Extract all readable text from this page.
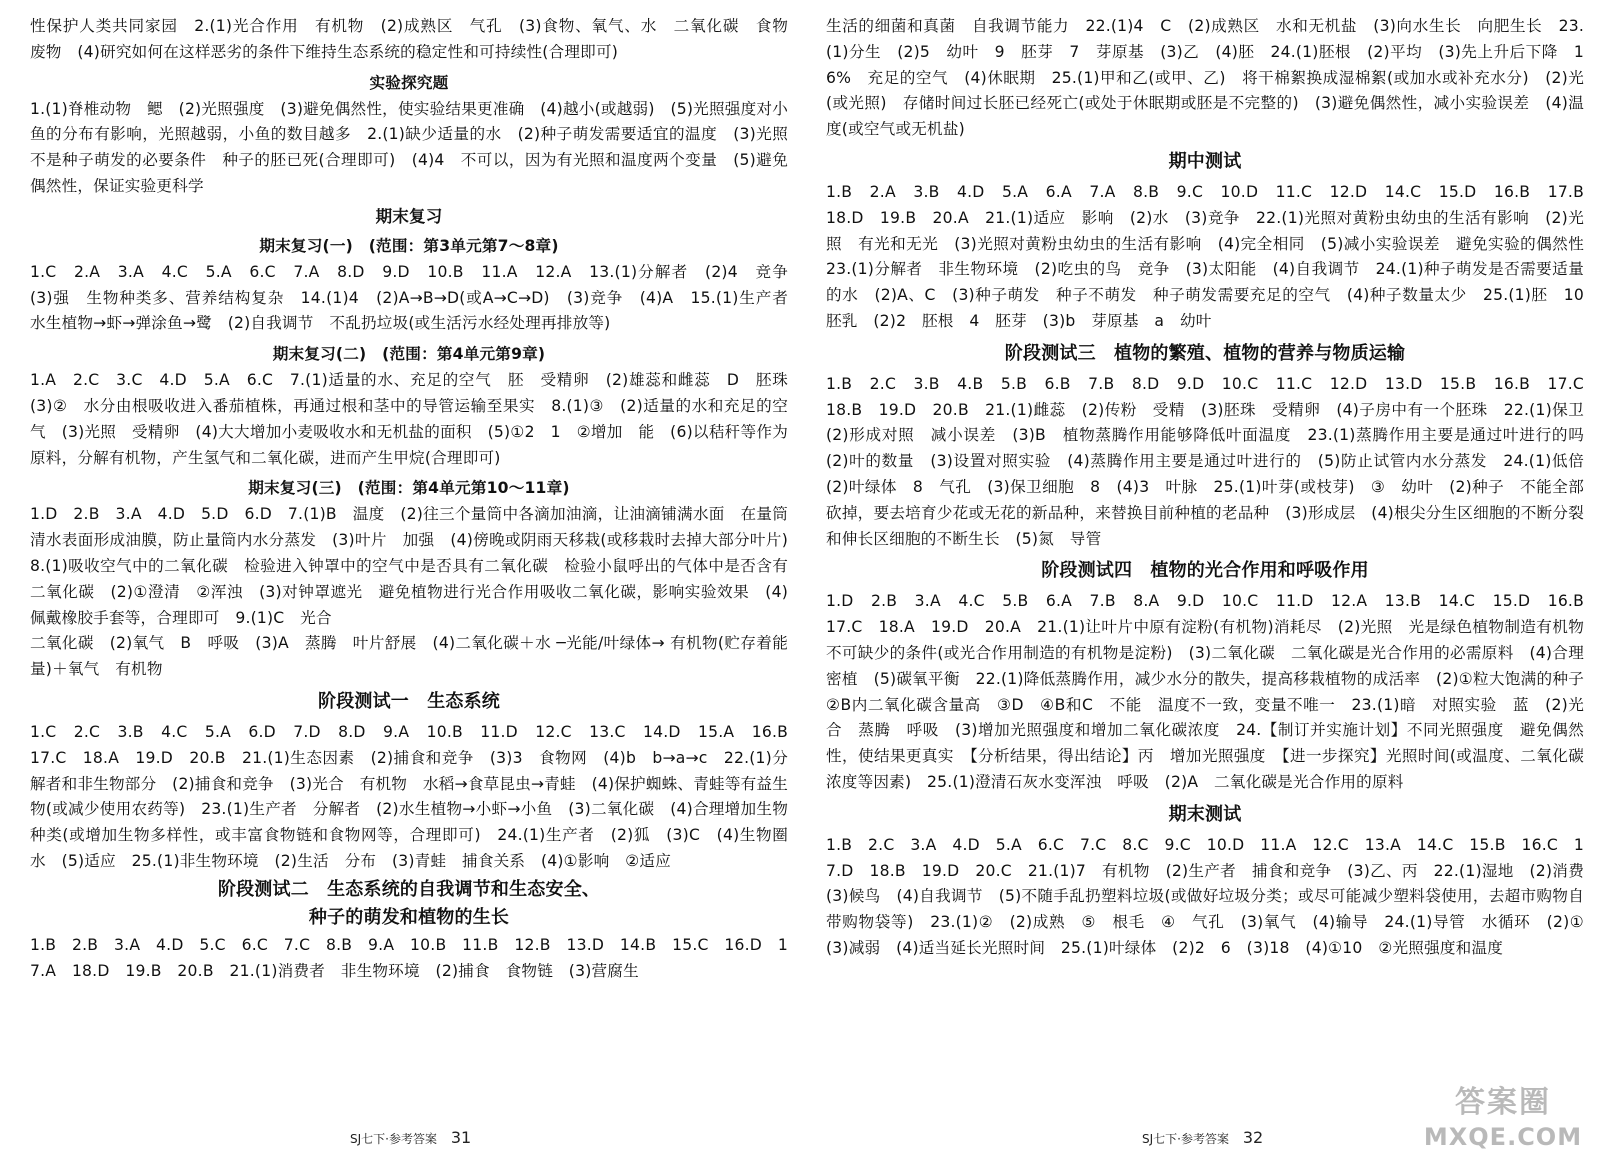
性保护人类共同家园　2.(1)光合作用　有机物　(2)成熟区　气孔　(3)食物、氧气、水　二氧化碳　食物　废物　(4)研究如何在这样恶劣的条件下维持生态系统的稳定性和可持续性(合理即可)

实验探究题

1.(1)脊椎动物　鳃　(2)光照强度　(3)避免偶然性，使实验结果更准确　(4)越小(或越弱)　(5)光照强度对小鱼的分布有影响，光照越弱，小鱼的数目越多　2.(1)缺少适量的水　(2)种子萌发需要适宜的温度　(3)光照不是种子萌发的必要条件　种子的胚已死(合理即可)　(4)4　不可以，因为有光照和温度两个变量　(5)避免偶然性，保证实验更科学

期末复习
期末复习(一)　(范围：第3单元第7～8章)

1.C　2.A　3.A　4.C　5.A　6.C　7.A　8.D　9.D　10.B　11.A　12.A　13.(1)分解者　(2)4　竞争　(3)强　生物种类多、营养结构复杂　14.(1)4　(2)A→B→D(或A→C→D)　(3)竞争　(4)A　15.(1)生产者　水生植物→虾→弹涂鱼→鹭　(2)自我调节　不乱扔垃圾(或生活污水经处理再排放等)

期末复习(二)　(范围：第4单元第9章)

1.A　2.C　3.C　4.D　5.A　6.C　7.(1)适量的水、充足的空气　胚　受精卵　(2)雄蕊和雌蕊　D　胚珠　(3)②　水分由根吸收进入番茄植株，再通过根和茎中的导管运输至果实　8.(1)③　(2)适量的水和充足的空气　(3)光照　受精卵　(4)大大增加小麦吸收水和无机盐的面积　(5)①2　1　②增加　能　(6)以秸秆等作为原料，分解有机物，产生氢气和二氧化碳，进而产生甲烷(合理即可)

期末复习(三)　(范围：第4单元第10～11章)

1.D　2.B　3.A　4.D　5.D　6.D　7.(1)B　温度　(2)往三个量筒中各滴加油滴，让油滴铺满水面　在量筒清水表面形成油膜，防止量筒内水分蒸发　(3)叶片　加强　(4)傍晚或阴雨天移栽(或移栽时去掉大部分叶片)　8.(1)吸收空气中的二氧化碳　检验进入钟罩中的空气中是否具有二氧化碳　检验小鼠呼出的气体中是否含有二氧化碳　(2)①澄清　②浑浊　(3)对钟罩遮光　避免植物进行光合作用吸收二氧化碳，影响实验效果　(4)佩戴橡胶手套等，合理即可　9.(1)C　光合

二氧化碳　(2)氧气　B　呼吸　(3)A　蒸腾　叶片舒展　(4)二氧化碳＋水 ─光能/叶绿体→ 有机物(贮存着能量)＋氧气　有机物

阶段测试一　生态系统

1.C　2.C　3.B　4.C　5.A　6.D　7.D　8.D　9.A　10.B　11.D　12.C　13.C　14.D　15.A　16.B　17.C　18.A　19.D　20.B　21.(1)生态因素　(2)捕食和竞争　(3)3　食物网　(4)b　b→a→c　22.(1)分解者和非生物部分　(2)捕食和竞争　(3)光合　有机物　水稻→食草昆虫→青蛙　(4)保护蜘蛛、青蛙等有益生物(或减少使用农药等)　23.(1)生产者　分解者　(2)水生植物→小虾→小鱼　(3)二氧化碳　(4)合理增加生物种类(或增加生物多样性，或丰富食物链和食物网等，合理即可)　24.(1)生产者　(2)狐　(3)C　(4)生物圈　水　(5)适应　25.(1)非生物环境　(2)生活　分布　(3)青蛙　捕食关系　(4)①影响　②适应

阶段测试二　生态系统的自我调节和生态安全、
种子的萌发和植物的生长

1.B　2.B　3.A　4.D　5.C　6.C　7.C　8.B　9.A　10.B　11.B　12.B　13.D　14.B　15.C　16.D　17.A　18.D　19.B　20.B　21.(1)消费者　非生物环境　(2)捕食　食物链　(3)营腐生

生活的细菌和真菌　自我调节能力　22.(1)4　C　(2)成熟区　水和无机盐　(3)向水生长　向肥生长　23.(1)分生　(2)5　幼叶　9　胚芽　7　芽原基　(3)乙　(4)胚　24.(1)胚根　(2)平均　(3)先上升后下降　16%　充足的空气　(4)休眠期　25.(1)甲和乙(或甲、乙)　将干棉絮换成湿棉絮(或加水或补充水分)　(2)光(或光照)　存储时间过长胚已经死亡(或处于休眠期或胚是不完整的)　(3)避免偶然性，减小实验误差　(4)温度(或空气或无机盐)

期中测试

1.B　2.A　3.B　4.D　5.A　6.A　7.A　8.B　9.C　10.D　11.C　12.D　14.C　15.D　16.B　17.B　18.D　19.B　20.A　21.(1)适应　影响　(2)水　(3)竞争　22.(1)光照对黄粉虫幼虫的生活有影响　(2)光照　有光和无光　(3)光照对黄粉虫幼虫的生活有影响　(4)完全相同　(5)减小实验误差　避免实验的偶然性　23.(1)分解者　非生物环境　(2)吃虫的鸟　竞争　(3)太阳能　(4)自我调节　24.(1)种子萌发是否需要适量的水　(2)A、C　(3)种子萌发　种子不萌发　种子萌发需要充足的空气　(4)种子数量太少　25.(1)胚　10　胚乳　(2)2　胚根　4　胚芽　(3)b　芽原基　a　幼叶

阶段测试三　植物的繁殖、植物的营养与物质运输

1.B　2.C　3.B　4.B　5.B　6.B　7.B　8.D　9.D　10.C　11.C　12.D　13.D　15.B　16.B　17.C　18.B　19.D　20.B　21.(1)雌蕊　(2)传粉　受精　(3)胚珠　受精卵　(4)子房中有一个胚珠　22.(1)保卫　(2)形成对照　减小误差　(3)B　植物蒸腾作用能够降低叶面温度　23.(1)蒸腾作用主要是通过叶进行的吗　(2)叶的数量　(3)设置对照实验　(4)蒸腾作用主要是通过叶进行的　(5)防止试管内水分蒸发　24.(1)低倍　(2)叶绿体　8　气孔　(3)保卫细胞　8　(4)3　叶脉　25.(1)叶芽(或枝芽)　③　幼叶　(2)种子　不能全部砍掉，要去培育少花或无花的新品种，来替换目前种植的老品种　(3)形成层　(4)根尖分生区细胞的不断分裂和伸长区细胞的不断生长　(5)氮　导管

阶段测试四　植物的光合作用和呼吸作用

1.D　2.B　3.A　4.C　5.B　6.A　7.B　8.A　9.D　10.C　11.D　12.A　13.B　14.C　15.D　16.B　17.C　18.A　19.D　20.A　21.(1)让叶片中原有淀粉(有机物)消耗尽　(2)光照　光是绿色植物制造有机物不可缺少的条件(或光合作用制造的有机物是淀粉)　(3)二氧化碳　二氧化碳是光合作用的必需原料　(4)合理密植　(5)碳氧平衡　22.(1)降低蒸腾作用，减少水分的散失，提高移栽植物的成活率　(2)①粒大饱满的种子　②B内二氧化碳含量高　③D　④B和C　不能　温度不一致，变量不唯一　23.(1)暗　对照实验　蓝　(2)光合　蒸腾　呼吸　(3)增加光照强度和增加二氧化碳浓度　24.【制订并实施计划】不同光照强度　避免偶然性，使结果更真实　【分析结果，得出结论】丙　增加光照强度　【进一步探究】光照时间(或温度、二氧化碳浓度等因素)　25.(1)澄清石灰水变浑浊　呼吸　(2)A　二氧化碳是光合作用的原料

期末测试

1.B　2.C　3.A　4.D　5.A　6.C　7.C　8.C　9.C　10.D　11.A　12.C　13.A　14.C　15.B　16.C　17.D　18.B　19.D　20.C　21.(1)7　有机物　(2)生产者　捕食和竞争　(3)乙、丙　22.(1)湿地　(2)消费　(3)候鸟　(4)自我调节　(5)不随手乱扔塑料垃圾(或做好垃圾分类；或尽可能减少塑料袋使用，去超市购物自带购物袋等)　23.(1)②　(2)成熟　⑤　根毛　④　气孔　(3)氧气　(4)输导　24.(1)导管　水循环　(2)①　(3)减弱　(4)适当延长光照时间　25.(1)叶绿体　(2)2　6　(3)18　(4)①10　②光照强度和温度

SJ七下·参考答案 31	SJ七下·参考答案 32
答案圈
MXQE.COM
